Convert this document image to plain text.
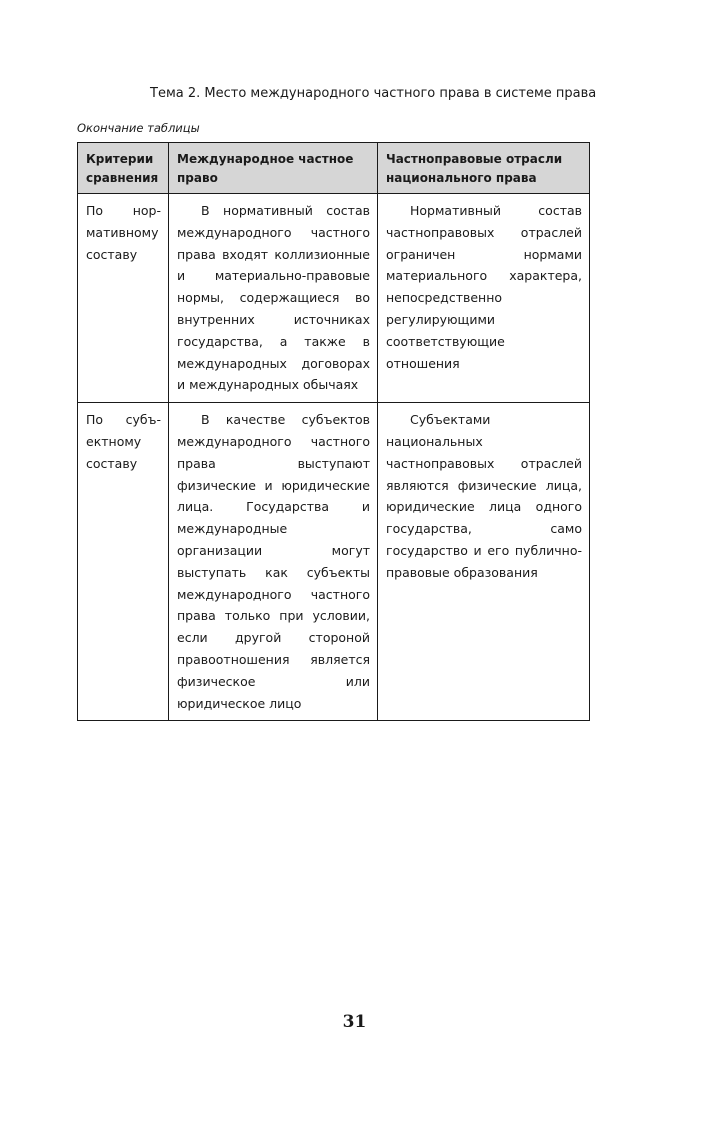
Тема 2. Место международного частного права в системе права
Окончание таблицы
Критерии сравнения	Международное частное право	Частноправовые отрасли национального права
По нормативному составу	В нормативный состав международного частного права входят коллизионные и материально-правовые нормы, содержащиеся во внутренних источниках государства, а также в международных договорах и международных обычаях	Нормативный состав частноправовых отраслей ограничен нормами материального характера, непосредственно регулирующими соответствующие отношения

По субъектному составу	В качестве субъектов международного частного права выступают физические и юридические лица. Государства и международные организации могут выступать как субъекты международного частного права только при условии, если другой стороной правоотношения является физическое или юридическое лицо	Субъектами национальных частноправовых отраслей являются физические лица, юридические лица одного государства, само государство и его публично-правовые образования

31
